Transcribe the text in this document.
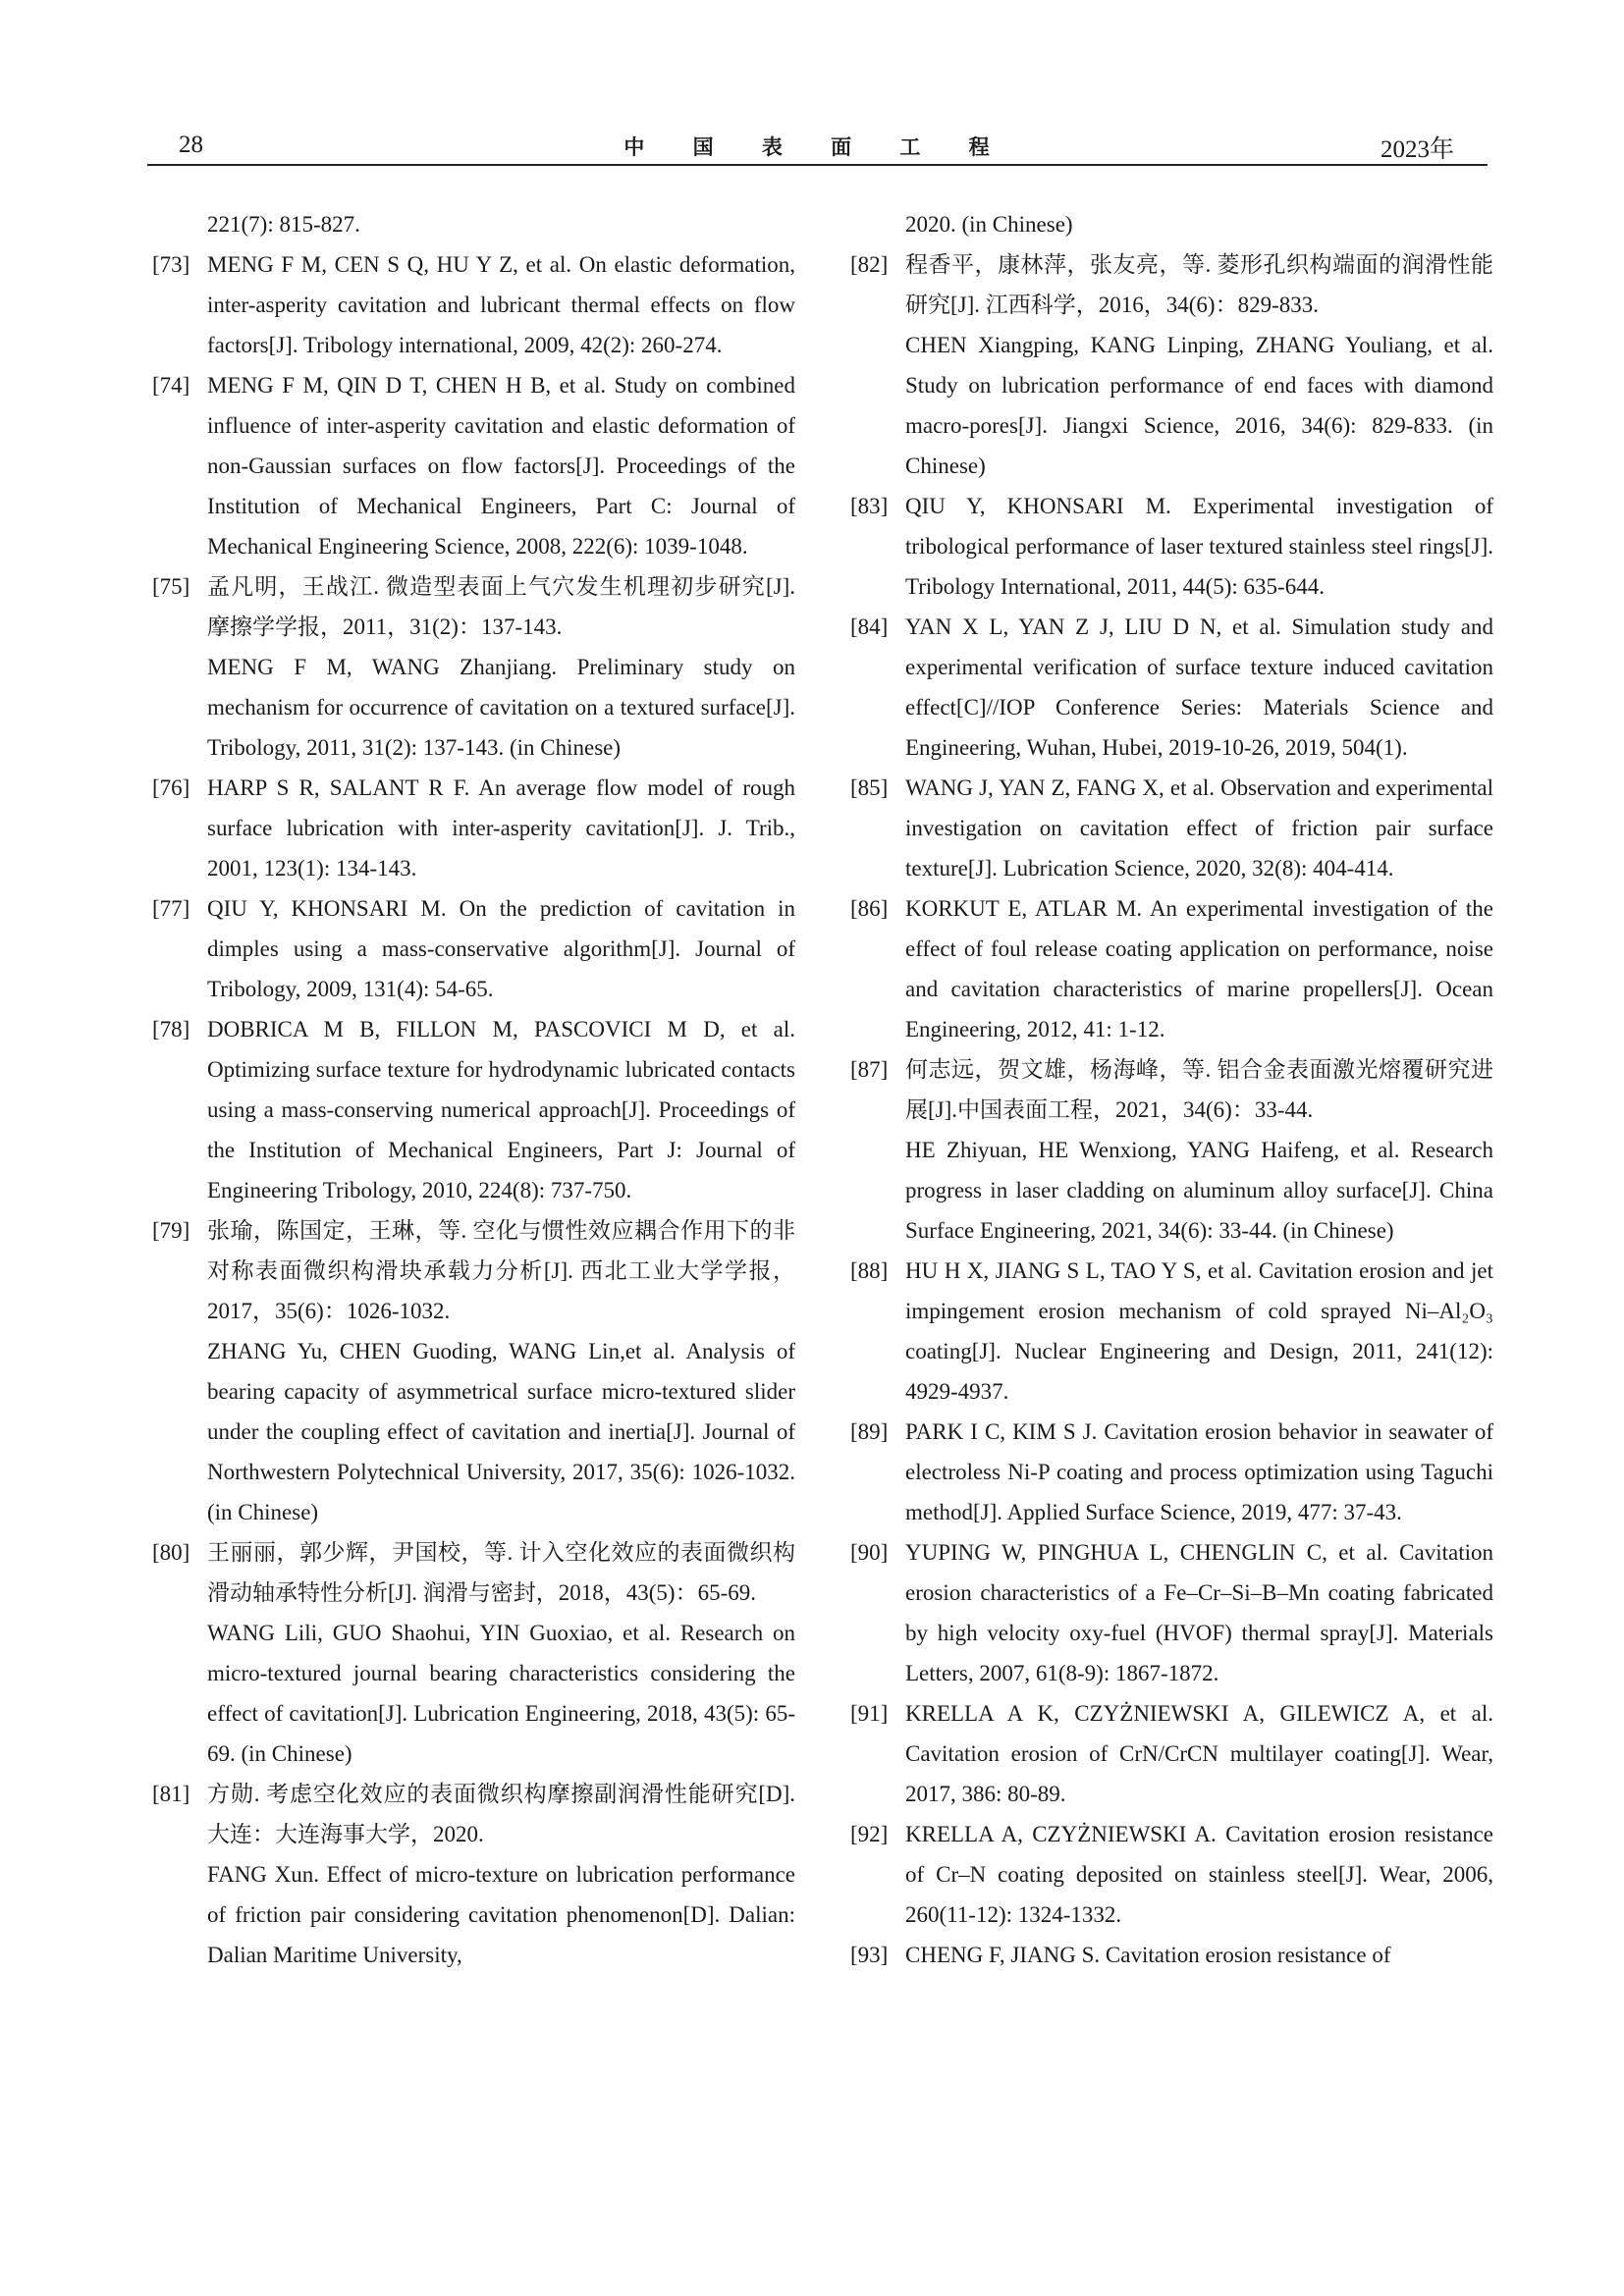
28	中 国 表 面 工 程	2023年
221(7): 815-827.
[73] MENG F M, CEN S Q, HU Y Z, et al. On elastic deformation, inter-asperity cavitation and lubricant thermal effects on flow factors[J]. Tribology international, 2009, 42(2): 260-274.
[74] MENG F M, QIN D T, CHEN H B, et al. Study on combined influence of inter-asperity cavitation and elastic deformation of non-Gaussian surfaces on flow factors[J]. Proceedings of the Institution of Mechanical Engineers, Part C: Journal of Mechanical Engineering Science, 2008, 222(6): 1039-1048.
[75] 孟凡明，王战江. 微造型表面上气穴发生机理初步研究[J]. 摩擦学学报，2011，31(2)：137-143.
MENG F M, WANG Zhanjiang. Preliminary study on mechanism for occurrence of cavitation on a textured surface[J]. Tribology, 2011, 31(2): 137-143. (in Chinese)
[76] HARP S R, SALANT R F. An average flow model of rough surface lubrication with inter-asperity cavitation[J]. J. Trib., 2001, 123(1): 134-143.
[77] QIU Y, KHONSARI M. On the prediction of cavitation in dimples using a mass-conservative algorithm[J]. Journal of Tribology, 2009, 131(4): 54-65.
[78] DOBRICA M B, FILLON M, PASCOVICI M D, et al. Optimizing surface texture for hydrodynamic lubricated contacts using a mass-conserving numerical approach[J]. Proceedings of the Institution of Mechanical Engineers, Part J: Journal of Engineering Tribology, 2010, 224(8): 737-750.
[79] 张瑜，陈国定，王琳，等. 空化与惯性效应耦合作用下的非对称表面微织构滑块承载力分析[J]. 西北工业大学学报，2017，35(6)：1026-1032.
ZHANG Yu, CHEN Guoding, WANG Lin,et al. Analysis of bearing capacity of asymmetrical surface micro-textured slider under the coupling effect of cavitation and inertia[J]. Journal of Northwestern Polytechnical University, 2017, 35(6): 1026-1032. (in Chinese)
[80] 王丽丽，郭少辉，尹国校，等. 计入空化效应的表面微织构滑动轴承特性分析[J]. 润滑与密封，2018，43(5)：65-69.
WANG Lili, GUO Shaohui, YIN Guoxiao, et al. Research on micro-textured journal bearing characteristics considering the effect of cavitation[J]. Lubrication Engineering, 2018, 43(5): 65-69. (in Chinese)
[81] 方勋. 考虑空化效应的表面微织构摩擦副润滑性能研究[D]. 大连：大连海事大学，2020.
FANG Xun. Effect of micro-texture on lubrication performance of friction pair considering cavitation phenomenon[D]. Dalian: Dalian Maritime University,
2020. (in Chinese)
[82] 程香平，康林萍，张友亮，等. 菱形孔织构端面的润滑性能研究[J]. 江西科学，2016，34(6)：829-833.
CHEN Xiangping, KANG Linping, ZHANG Youliang, et al. Study on lubrication performance of end faces with diamond macro-pores[J]. Jiangxi Science, 2016, 34(6): 829-833. (in Chinese)
[83] QIU Y, KHONSARI M. Experimental investigation of tribological performance of laser textured stainless steel rings[J]. Tribology International, 2011, 44(5): 635-644.
[84] YAN X L, YAN Z J, LIU D N, et al. Simulation study and experimental verification of surface texture induced cavitation effect[C]//IOP Conference Series: Materials Science and Engineering, Wuhan, Hubei, 2019-10-26, 2019, 504(1).
[85] WANG J, YAN Z, FANG X, et al. Observation and experimental investigation on cavitation effect of friction pair surface texture[J]. Lubrication Science, 2020, 32(8): 404-414.
[86] KORKUT E, ATLAR M. An experimental investigation of the effect of foul release coating application on performance, noise and cavitation characteristics of marine propellers[J]. Ocean Engineering, 2012, 41: 1-12.
[87] 何志远，贺文雄，杨海峰，等. 铝合金表面激光熔覆研究进展[J].中国表面工程，2021，34(6)：33-44.
HE Zhiyuan, HE Wenxiong, YANG Haifeng, et al. Research progress in laser cladding on aluminum alloy surface[J]. China Surface Engineering, 2021, 34(6): 33-44. (in Chinese)
[88] HU H X, JIANG S L, TAO Y S, et al. Cavitation erosion and jet impingement erosion mechanism of cold sprayed Ni–Al₂O₃ coating[J]. Nuclear Engineering and Design, 2011, 241(12): 4929-4937.
[89] PARK I C, KIM S J. Cavitation erosion behavior in seawater of electroless Ni-P coating and process optimization using Taguchi method[J]. Applied Surface Science, 2019, 477: 37-43.
[90] YUPING W, PINGHUA L, CHENGLIN C, et al. Cavitation erosion characteristics of a Fe–Cr–Si–B–Mn coating fabricated by high velocity oxy-fuel (HVOF) thermal spray[J]. Materials Letters, 2007, 61(8-9): 1867-1872.
[91] KRELLA A K, CZYŻNIEWSKI A, GILEWICZ A, et al. Cavitation erosion of CrN/CrCN multilayer coating[J]. Wear, 2017, 386: 80-89.
[92] KRELLA A, CZYŻNIEWSKI A. Cavitation erosion resistance of Cr–N coating deposited on stainless steel[J]. Wear, 2006, 260(11-12): 1324-1332.
[93] CHENG F, JIANG S. Cavitation erosion resistance of
